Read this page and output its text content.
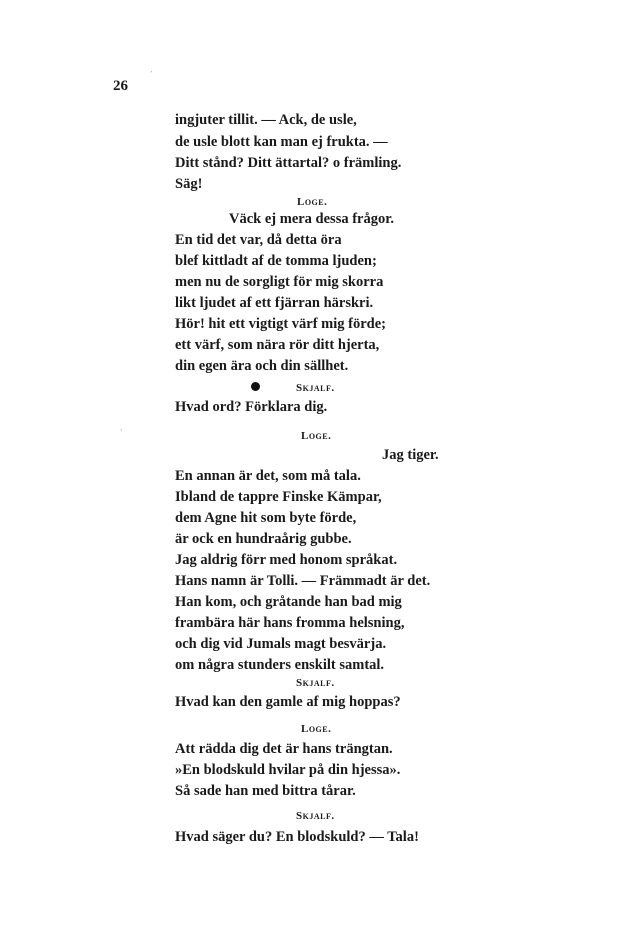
26
´
`
ingjuter tillit. — Ack, de usle,
de usle blott kan man ej frukta. —
Ditt stånd? Ditt ättartal? o främling.
Säg!
Loge.
Väck ej mera dessa frågor.
En tid det var, då detta öra
blef kittladt af de tomma ljuden;
men nu de sorgligt för mig skorra
likt ljudet af ett fjärran härskri.
Hör! hit ett vigtigt värf mig förde;
ett värf, som nära rör ditt hjerta,
din egen ära och din sällhet.
Skjalf.
Hvad ord? Förklara dig.
Loge.
Jag tiger.
En annan är det, som må tala.
Ibland de tappre Finske Kämpar,
dem Agne hit som byte förde,
är ock en hundraårig gubbe.
Jag aldrig förr med honom språkat.
Hans namn är Tolli. — Främmadt är det.
Han kom, och gråtande han bad mig
frambära här hans fromma helsning,
och dig vid Jumals magt besvärja.
om några stunders enskilt samtal.
Skjalf.
Hvad kan den gamle af mig hoppas?
Loge.
Att rädda dig det är hans trängtan.
»En blodskuld hvilar på din hjessa».
Så sade han med bittra tårar.
Skjalf.
Hvad säger du? En blodskuld? — Tala!
